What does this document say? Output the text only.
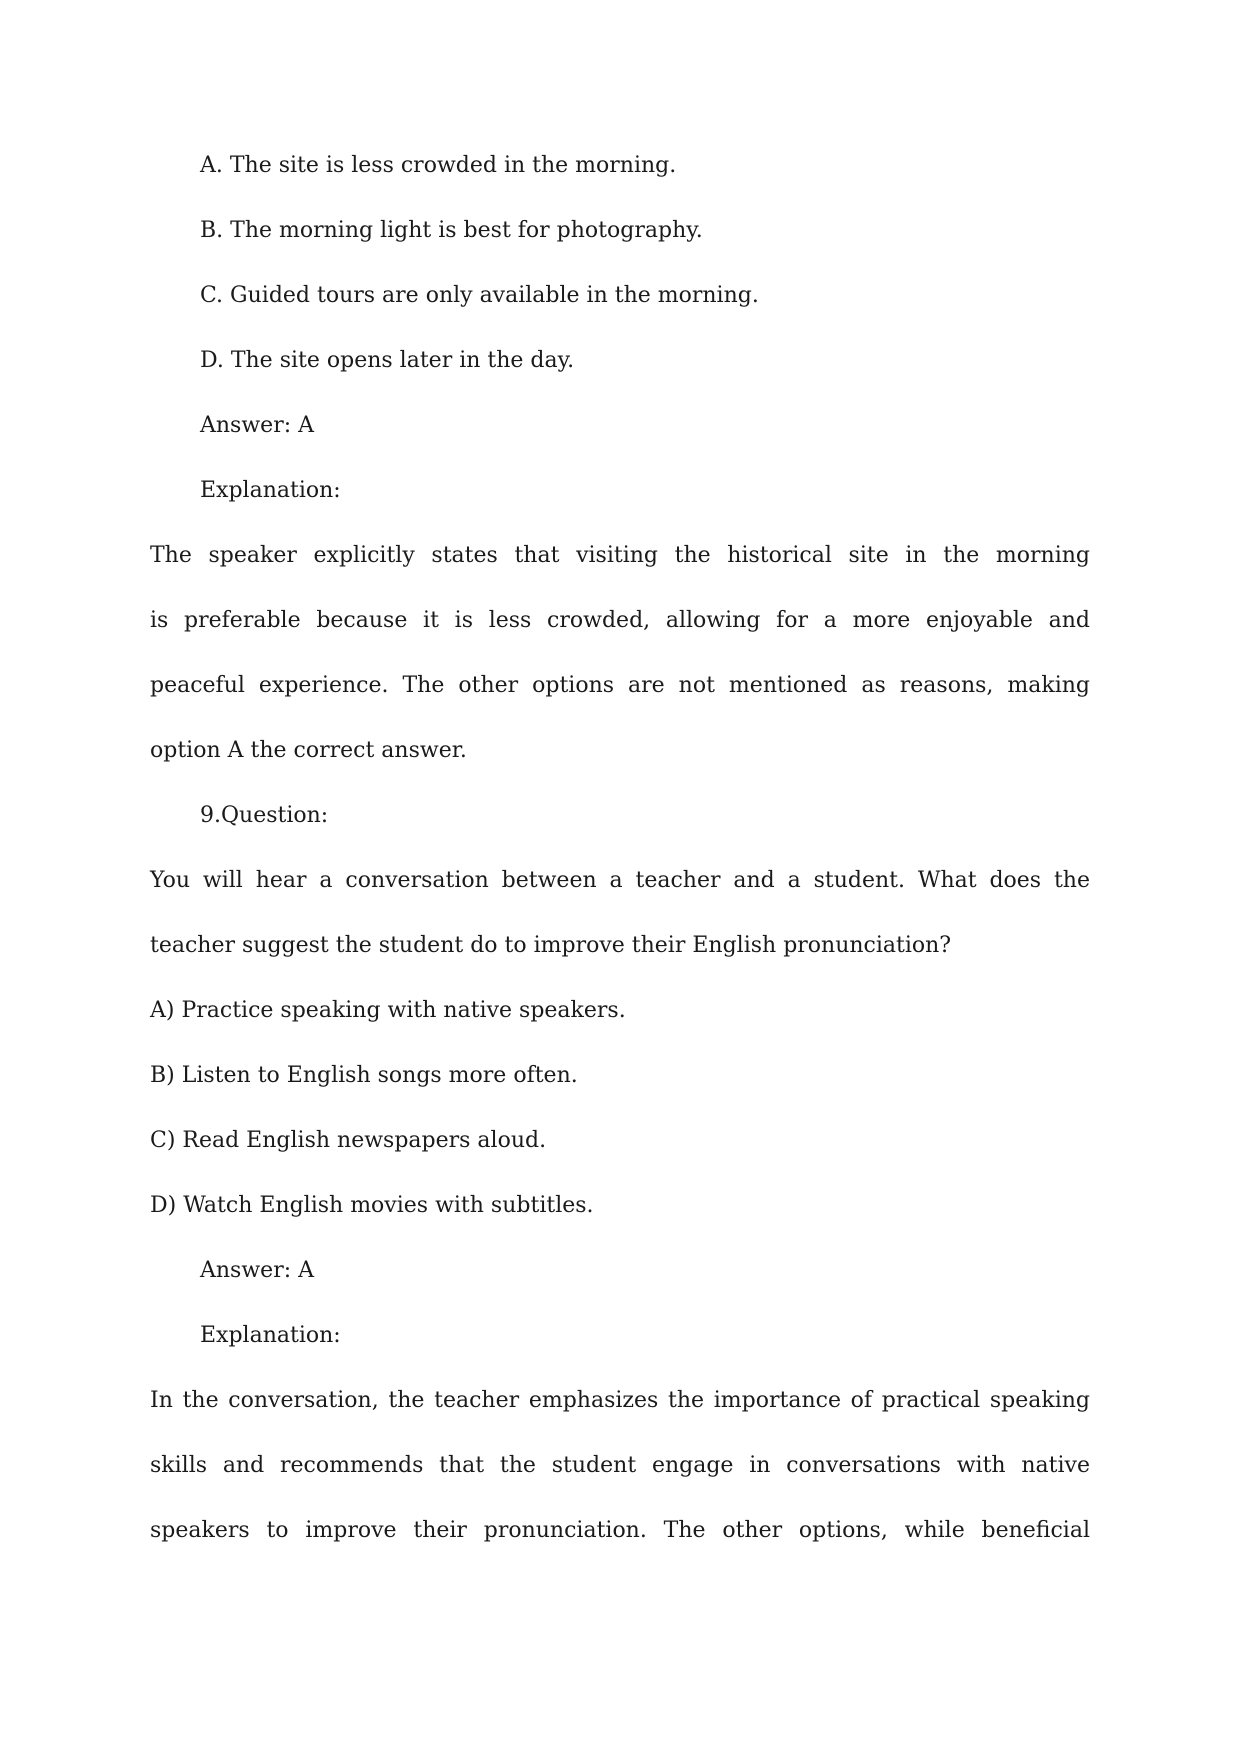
A. The site is less crowded in the morning.
B. The morning light is best for photography.
C. Guided tours are only available in the morning.
D. The site opens later in the day.
Answer: A
Explanation:
The speaker explicitly states that visiting the historical site in the morning
is preferable because it is less crowded, allowing for a more enjoyable and
peaceful experience. The other options are not mentioned as reasons, making
option A the correct answer.
9.Question:
You will hear a conversation between a teacher and a student. What does the
teacher suggest the student do to improve their English pronunciation?
A) Practice speaking with native speakers.
B) Listen to English songs more often.
C) Read English newspapers aloud.
D) Watch English movies with subtitles.
Answer: A
Explanation:
In the conversation, the teacher emphasizes the importance of practical speaking
skills and recommends that the student engage in conversations with native
speakers to improve their pronunciation. The other options, while beneficial
